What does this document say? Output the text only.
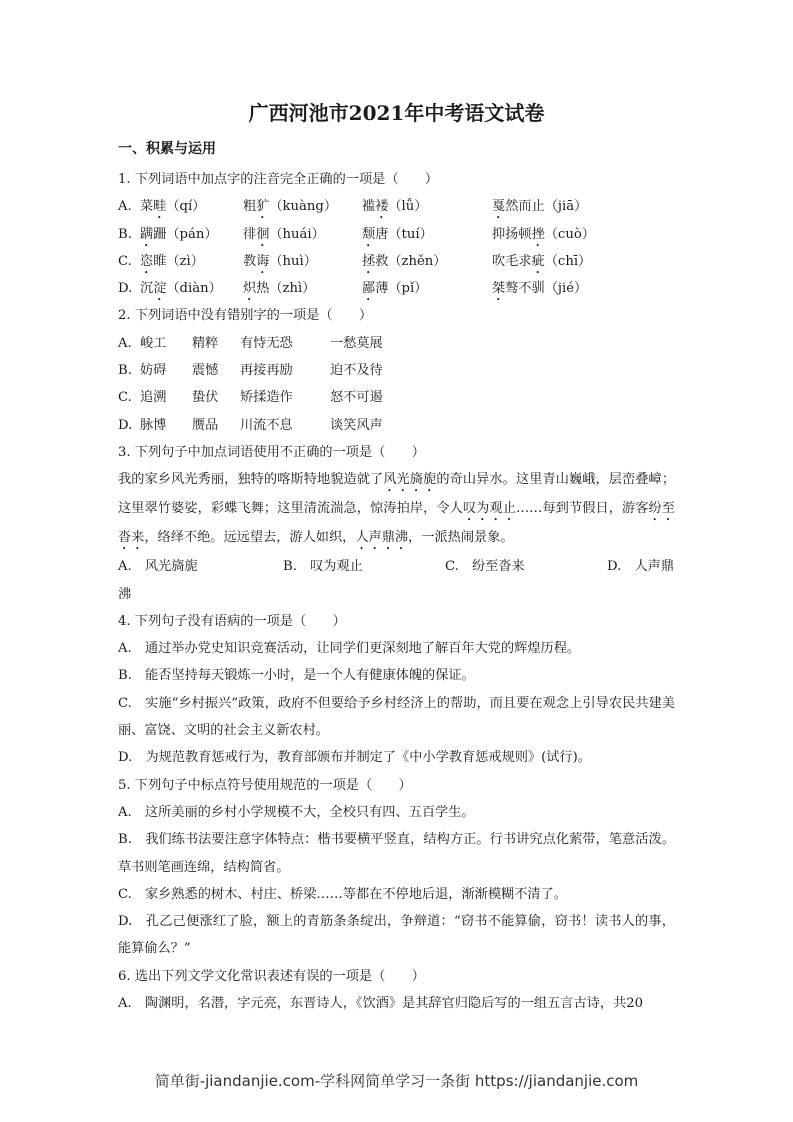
广西河池市2021年中考语文试卷
一、积累与运用
1. 下列词语中加点字的注音完全正确的一项是（　　）
A. 菜畦（qí）	粗犷（kuàng） 褴褛（lǚ）	戛然而止（jiā）
B. 蹒跚（pán） 徘徊（huái）	颓唐（tuí）	抑扬顿挫（cuò）
C. 恣睢（zì）	教诲（huì）	拯救（zhěn）	吹毛求疵（chī）
D. 沉淀（diàn） 炽热（zhì）	鄙薄（pǐ）	桀骜不驯（jié）
2. 下列词语中没有错别字的一项是（　　）
A. 峻工 精粹 有恃无恐	一愁莫展
B. 妨碍 震憾 再接再励	迫不及待
C. 追溯 蛰伏 矫揉造作	怒不可遏
D. 脉博 赝品 川流不息	谈笑风声
3. 下列句子中加点词语使用不正确的一项是（　　）
我的家乡风光秀丽，独特的喀斯特地貌造就了风光旖旎的奇山异水。这里青山巍峨，层峦叠嶂；这里翠竹婆娑，彩蝶飞舞；这里清流湍急，惊涛拍岸，令人叹为观止……每到节假日，游客纷至沓来，络绎不绝。远远望去，游人如织，人声鼎沸，一派热闹景象。
A.　风光旖旎	B.　叹为观止	C.　纷至沓来	D.　人声鼎
沸
4. 下列句子没有语病的一项是（　　）
A.　通过举办党史知识竞赛活动，让同学们更深刻地了解百年大党的辉煌历程。
B.　能否坚持每天锻炼一小时，是一个人有健康体魄的保证。
C.　实施“乡村振兴”政策，政府不但要给予乡村经济上的帮助，而且要在观念上引导农民共建美丽、富饶、文明的社会主义新农村。
D.　为规范教育惩戒行为，教育部颁布并制定了《中小学教育惩戒规则》(试行)。
5. 下列句子中标点符号使用规范的一项是（　　）
A.　这所美丽的乡村小学规模不大，全校只有四、五百学生。
B.　我们练书法要注意字体特点：楷书要横平竖直，结构方正。行书讲究点化萦带，笔意活泼。草书则笔画连绵，结构简省。
C.　家乡熟悉的树木、村庄、桥梁……等都在不停地后退，渐渐模糊不清了。
D.　孔乙己便涨红了脸，额上的青筋条条绽出，争辩道：“窃书不能算偷，窃书！读书人的事，能算偷么？”
6. 选出下列文学文化常识表述有误的一项是（　　）
A.　陶渊明，名潜，字元亮，东晋诗人，《饮酒》是其辞官归隐后写的一组五言古诗，共20
简单街-jiandanjie.com-学科网简单学习一条街 https://jiandanjie.com
